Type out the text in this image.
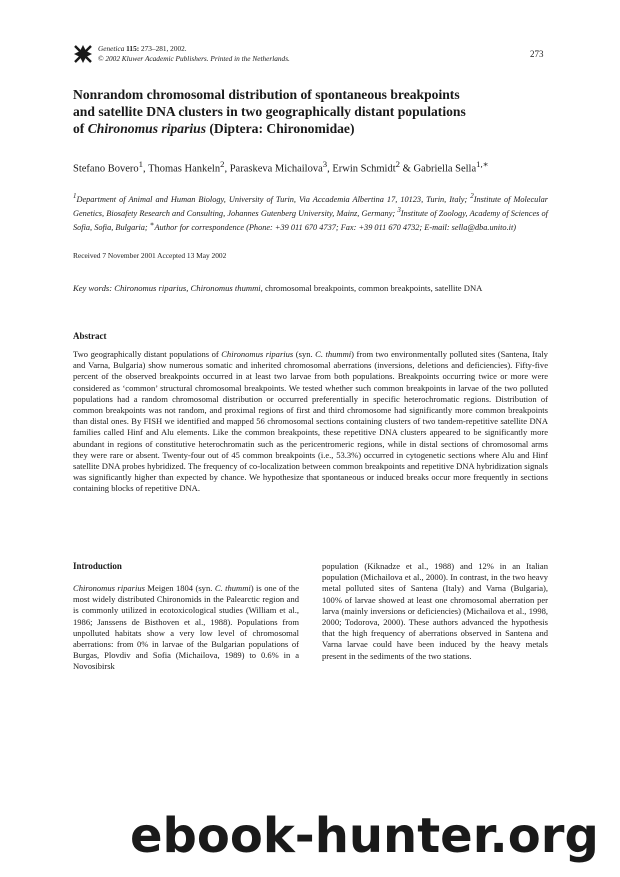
Genetica 115: 273–281, 2002.
© 2002 Kluwer Academic Publishers. Printed in the Netherlands.	273
Nonrandom chromosomal distribution of spontaneous breakpoints
and satellite DNA clusters in two geographically distant populations
of Chironomus riparius (Diptera: Chironomidae)
Stefano Bovero$^1$, Thomas Hankeln$^2$, Paraskeva Michailova$^3$, Erwin Schmidt$^2$ & Gabriella Sella$^{1,∗}$
$^1$Department of Animal and Human Biology, University of Turin, Via Accademia Albertina 17, 10123, Turin, Italy; $^2$Institute of Molecular Genetics, Biosafety Research and Consulting, Johannes Gutenberg University, Mainz, Germany; $^3$Institute of Zoology, Academy of Sciences of Sofia, Sofia, Bulgaria; ∗Author for correspondence (Phone: +39 011 670 4737; Fax: +39 011 670 4732; E-mail: sella@dba.unito.it)
Received 7 November 2001 Accepted 13 May 2002
Key words: Chironomus riparius, Chironomus thummi, chromosomal breakpoints, common breakpoints, satellite DNA
Abstract
Two geographically distant populations of Chironomus riparius (syn. C. thummi) from two environmentally polluted sites (Santena, Italy and Varna, Bulgaria) show numerous somatic and inherited chromosomal aberrations (inversions, deletions and deficiencies). Fifty-five percent of the observed breakpoints occurred in at least two larvae from both populations. Breakpoints occurring twice or more were considered as ‘common’ structural chromosomal breakpoints. We tested whether such common breakpoints in larvae of the two polluted populations had a random chromosomal distribution or occurred preferentially in specific heterochromatic regions. Distribution of common breakpoints was not random, and proximal regions of first and third chromosome had significantly more common breakpoints than distal ones. By FISH we identified and mapped 56 chromosomal sections containing clusters of two tandem-repetitive satellite DNA families called Hinf and Alu elements. Like the common breakpoints, these repetitive DNA clusters appeared to be significantly more abundant in regions of constitutive heterochromatin such as the pericentromeric regions, while in distal sections of chromosomal arms they were rare or absent. Twenty-four out of 45 common breakpoints (i.e., 53.3%) occurred in cytogenetic sections where Alu and Hinf satellite DNA probes hybridized. The frequency of co-localization between common breakpoints and repetitive DNA hybridization signals was significantly higher than expected by chance. We hypothesize that spontaneous or induced breaks occur more frequently in sections containing blocks of repetitive DNA.
Introduction
Chironomus riparius Meigen 1804 (syn. C. thummi) is one of the most widely distributed Chironomids in the Palearctic region and is commonly utilized in ecotoxicological studies (William et al., 1986; Janssens de Bisthoven et al., 1988). Populations from unpolluted habitats show a very low level of chromosomal aberrations: from 0% in larvae of the Bulgarian populations of Burgas, Plovdiv and Sofia (Michailova, 1989) to 0.6% in a Novosibirsk
population (Kiknadze et al., 1988) and 12% in an Italian population (Michailova et al., 2000). In contrast, in the two heavy metal polluted sites of Santena (Italy) and Varna (Bulgaria), 100% of larvae showed at least one chromosomal aberration per larva (mainly inversions or deficiencies) (Michailova et al., 1998, 2000; Todorova, 2000). These authors advanced the hypothesis that the high frequency of aberrations observed in Santena and Varna larvae could have been induced by the heavy metals present in the sediments of the two stations.
ebook-hunter.org
